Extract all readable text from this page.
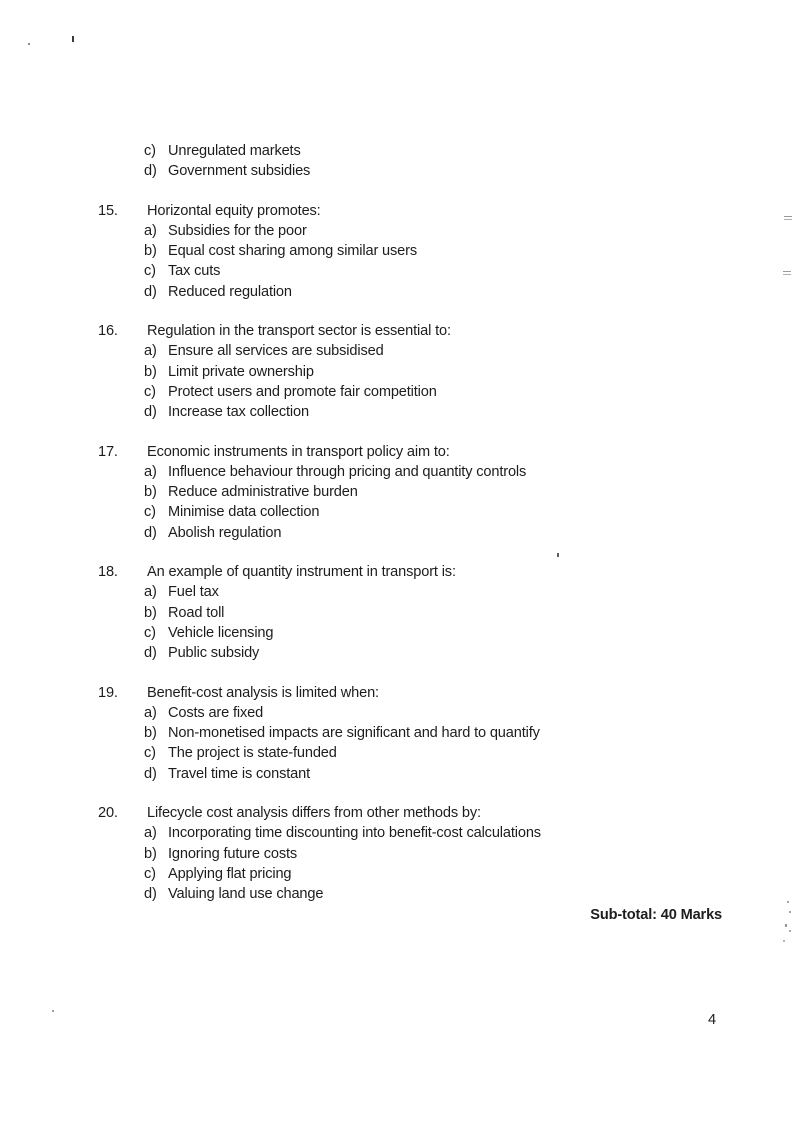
c) Unregulated markets
d) Government subsidies
15.	Horizontal equity promotes:
a) Subsidies for the poor
b) Equal cost sharing among similar users
c) Tax cuts
d) Reduced regulation
16.	Regulation in the transport sector is essential to:
a) Ensure all services are subsidised
b) Limit private ownership
c) Protect users and promote fair competition
d) Increase tax collection
17.	Economic instruments in transport policy aim to:
a) Influence behaviour through pricing and quantity controls
b) Reduce administrative burden
c) Minimise data collection
d) Abolish regulation
18.	An example of quantity instrument in transport is:
a) Fuel tax
b) Road toll
c) Vehicle licensing
d) Public subsidy
19.	Benefit-cost analysis is limited when:
a) Costs are fixed
b) Non-monetised impacts are significant and hard to quantify
c) The project is state-funded
d) Travel time is constant
20.	Lifecycle cost analysis differs from other methods by:
a) Incorporating time discounting into benefit-cost calculations
b) Ignoring future costs
c) Applying flat pricing
d) Valuing land use change
Sub-total: 40 Marks
4
